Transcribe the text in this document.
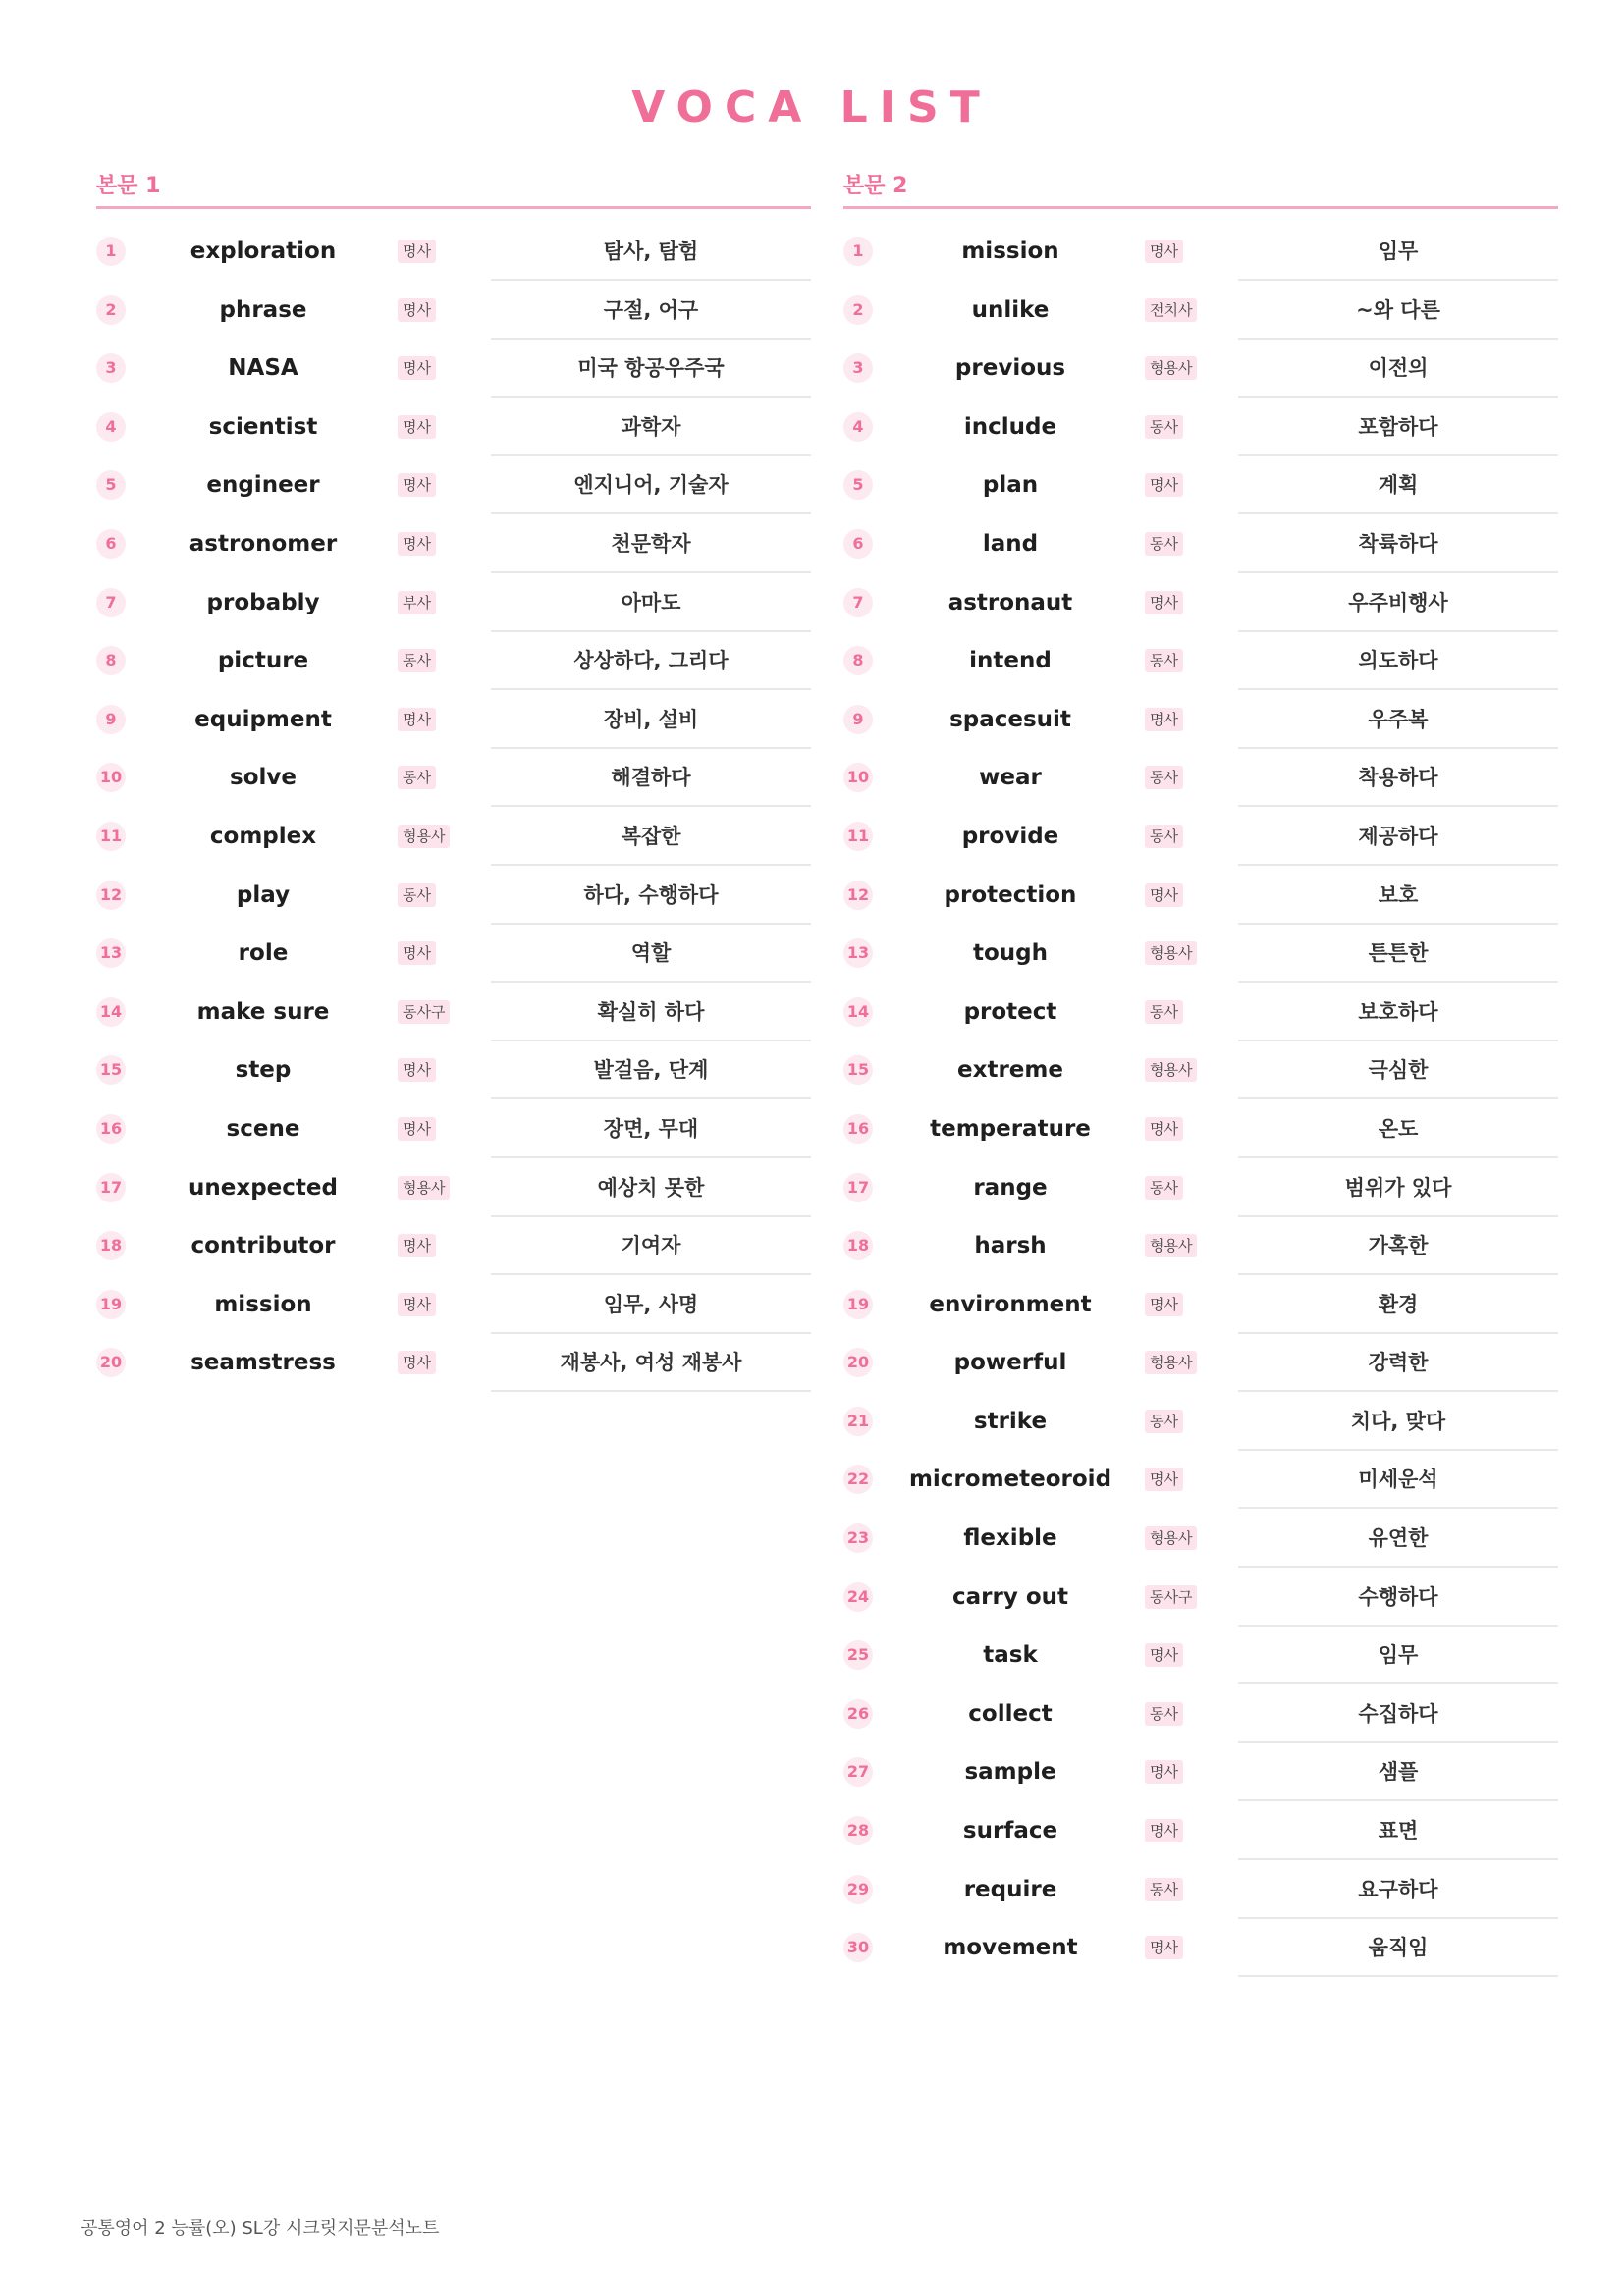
VOCA LIST
본문 1
1	exploration	명사	탐사, 탐험
2	phrase	명사	구절, 어구
3	NASA	명사	미국 항공우주국
4	scientist	명사	과학자
5	engineer	명사	엔지니어, 기술자
6	astronomer	명사	천문학자
7	probably	부사	아마도
8	picture	동사	상상하다, 그리다
9	equipment	명사	장비, 설비
10	solve	동사	해결하다
11	complex	형용사	복잡한
12	play	동사	하다, 수행하다
13	role	명사	역할
14	make sure	동사구	확실히 하다
15	step	명사	발걸음, 단계
16	scene	명사	장면, 무대
17	unexpected	형용사	예상치 못한
18	contributor	명사	기여자
19	mission	명사	임무, 사명
20	seamstress	명사	재봉사, 여성 재봉사
본문 2
1	mission	명사	임무
2	unlike	전치사	~와 다른
3	previous	형용사	이전의
4	include	동사	포함하다
5	plan	명사	계획
6	land	동사	착륙하다
7	astronaut	명사	우주비행사
8	intend	동사	의도하다
9	spacesuit	명사	우주복
10	wear	동사	착용하다
11	provide	동사	제공하다
12	protection	명사	보호
13	tough	형용사	튼튼한
14	protect	동사	보호하다
15	extreme	형용사	극심한
16	temperature	명사	온도
17	range	동사	범위가 있다
18	harsh	형용사	가혹한
19	environment	명사	환경
20	powerful	형용사	강력한
21	strike	동사	치다, 맞다
22 micrometeoroid	명사	미세운석
23	flexible	형용사	유연한
24	carry out	동사구	수행하다
25	task	명사	임무
26	collect	동사	수집하다
27	sample	명사	샘플
28	surface	명사	표면
29	require	동사	요구하다
30	movement	명사	움직임
공통영어 2 능률(오) SL강 시크릿지문분석노트
